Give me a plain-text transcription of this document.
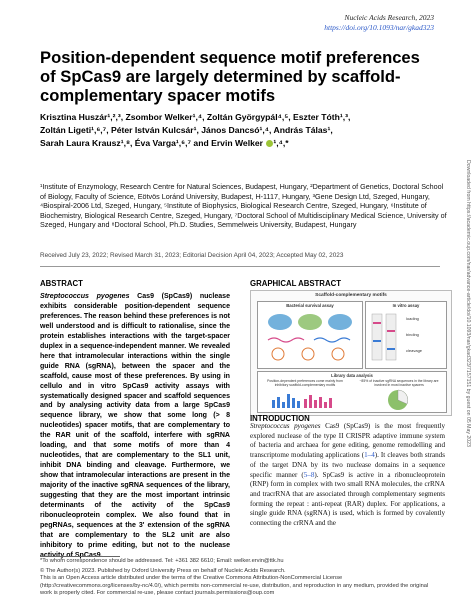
Nucleic Acids Research, 2023
https://doi.org/10.1093/nar/gkad323
Position-dependent sequence motif preferences of SpCas9 are largely determined by scaffold-complementary spacer motifs
Krisztina Huszár¹,²,³, Zsombor Welker¹,⁴, Zoltán Györgypál⁴,⁵, Eszter Tóth¹,³,
Zoltán Ligeti¹,⁶,⁷, Péter István Kulcsár¹, János Dancsó¹,⁴, András Tálas¹,
Sarah Laura Krausz¹,⁸, Éva Varga¹,⁶,⁷ and Ervin Welker ¹,⁴,*
¹Institute of Enzymology, Research Centre for Natural Sciences, Budapest, Hungary, ²Department of Genetics, Doctoral School of Biology, Faculty of Science, Eötvös Loránd University, Budapest, H-1117, Hungary, ³Gene Design Ltd, Szeged, Hungary, ⁴Biospiral-2006 Ltd, Szeged, Hungary, ⁵Institute of Biophysics, Biological Research Centre, Szeged, Hungary, ⁶Institute of Biochemistry, Biological Research Centre, Szeged, Hungary, ⁷Doctoral School of Multidisciplinary Medical Science, University of Szeged, Hungary and ⁸Doctoral School, Ph.D. Studies, Semmelweis University, Budapest, Hungary
Received July 23, 2022; Revised March 31, 2023; Editorial Decision April 04, 2023; Accepted May 02, 2023
ABSTRACT
Streptococcus pyogenes Cas9 (SpCas9) nuclease exhibits considerable position-dependent sequence preferences. The reason behind these preferences is not well understood and is difficult to rationalise, since the protein establishes interactions with the target-spacer duplex in a sequence-independent manner. We revealed here that intramolecular interactions within the single guide RNA (sgRNA), between the spacer and the scaffold, cause most of these preferences. By using in cellulo and in vitro SpCas9 activity assays with systematically designed spacer and scaffold sequences and by analysing activity data from a large SpCas9 sequence library, we show that some long (> 8 nucleotides) spacer motifs, that are complementary to the RAR unit of the scaffold, interfere with sgRNA loading, and that some motifs of more than 4 nucleotides, that are complementary to the SL1 unit, inhibit DNA binding and cleavage. Furthermore, we show that intramolecular interactions are present in the majority of the inactive sgRNA sequences of the library, suggesting that they are the most important intrinsic determinants of the activity of the SpCas9 ribonucleoprotein complex. We also found that in pegRNAs, sequences at the 3' extension of the sgRNA that are complementary to the SL2 unit are also inhibitory to prime editing, but not to the nuclease activity of SpCas9.
GRAPHICAL ABSTRACT
Scaffold-complementary motifs
Bacterial survival assay	In vitro assay
loading
binding
cleavage
Library data analysis
Position-dependent preferences come mainly from inhibitory scaffold-complementary motifs
~85% of inactive sgRNA sequences in the library are involved in most inactive spacers
INTRODUCTION
Streptococcus pyogenes Cas9 (SpCas9) is the most frequently explored nuclease of the type II CRISPR adaptive immune system of bacteria and archaea for gene editing, genome remodelling and transcriptome modulating applications (1–4). It cleaves both strands of the target DNA by its two nuclease domains in a sequence specific manner (5–8). SpCas9 is active in a ribonucleoprotein (RNP) form in complex with two small RNA molecules, the crRNA and tracrRNA that are associated through complementary segments forming the repeat : anti-repeat (RAR) duplex. For applications, a single guide RNA (sgRNA) is used, which is formed by covalently connecting the crRNA and the
*To whom correspondence should be addressed. Tel: +361 382 6610; Email: welker.ervin@ttk.hu
© The Author(s) 2023. Published by Oxford University Press on behalf of Nucleic Acids Research.
This is an Open Access article distributed under the terms of the Creative Commons Attribution-NonCommercial License (http://creativecommons.org/licenses/by-nc/4.0/), which permits non-commercial re-use, distribution, and reproduction in any medium, provided the original work is properly cited. For commercial re-use, please contact journals.permissions@oup.com
Downloaded from https://academic.oup.com/nar/advance-article/doi/10.1093/nar/gkad323/7157151 by guest on 05 May 2023
